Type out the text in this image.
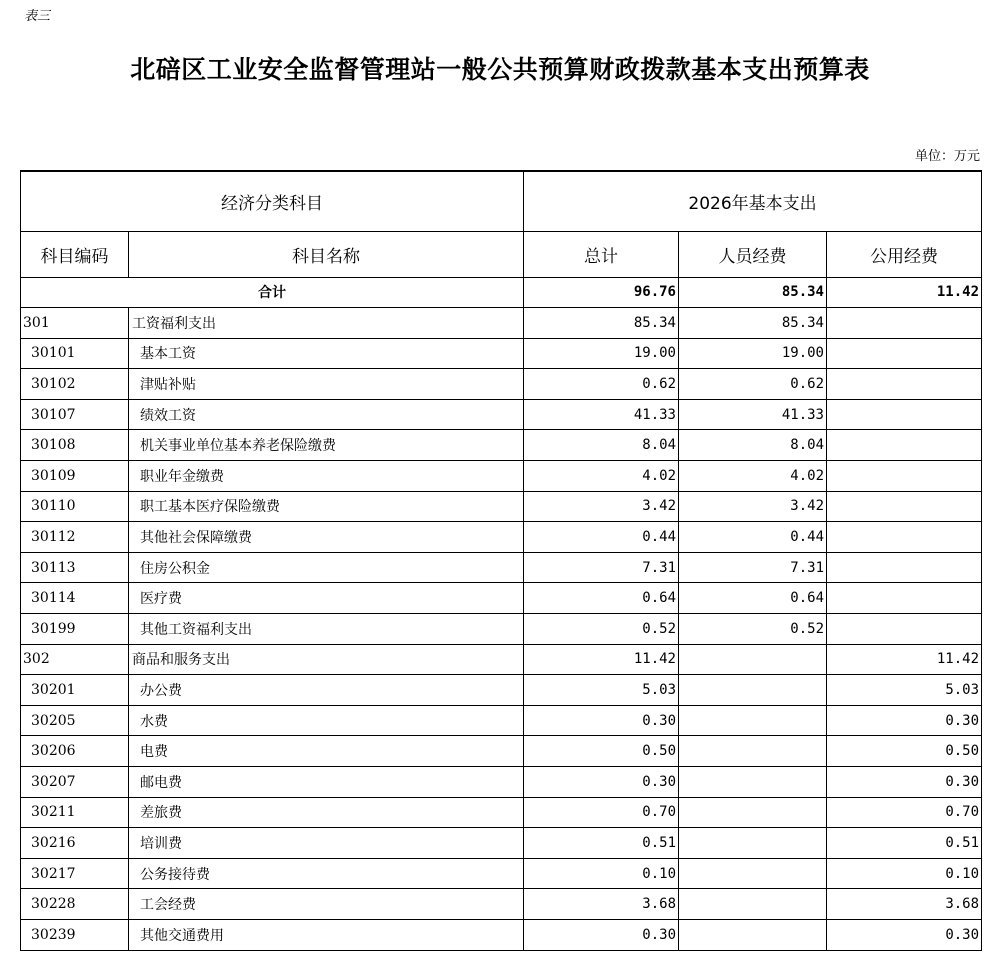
表三
北碚区工业安全监督管理站一般公共预算财政拨款基本支出预算表
单位：万元
经济分类科目		2026年基本支出		
科目编码	科目名称	总计	人员经费	公用经费
合计		96.76	85.34	11.42
301	工资福利支出	85.34	85.34	
30101	基本工资	19.00	19.00	
30102	津贴补贴	0.62	0.62	
30107	绩效工资	41.33	41.33	
30108	机关事业单位基本养老保险缴费	8.04	8.04	
30109	职业年金缴费	4.02	4.02	
30110	职工基本医疗保险缴费	3.42	3.42	
30112	其他社会保障缴费	0.44	0.44	
30113	住房公积金	7.31	7.31	
30114	医疗费	0.64	0.64	
30199	其他工资福利支出	0.52	0.52	
302	商品和服务支出	11.42		11.42
30201	办公费	5.03		5.03
30205	水费	0.30		0.30
30206	电费	0.50		0.50
30207	邮电费	0.30		0.30
30211	差旅费	0.70		0.70
30216	培训费	0.51		0.51
30217	公务接待费	0.10		0.10
30228	工会经费	3.68		3.68
30239	其他交通费用	0.30		0.30
